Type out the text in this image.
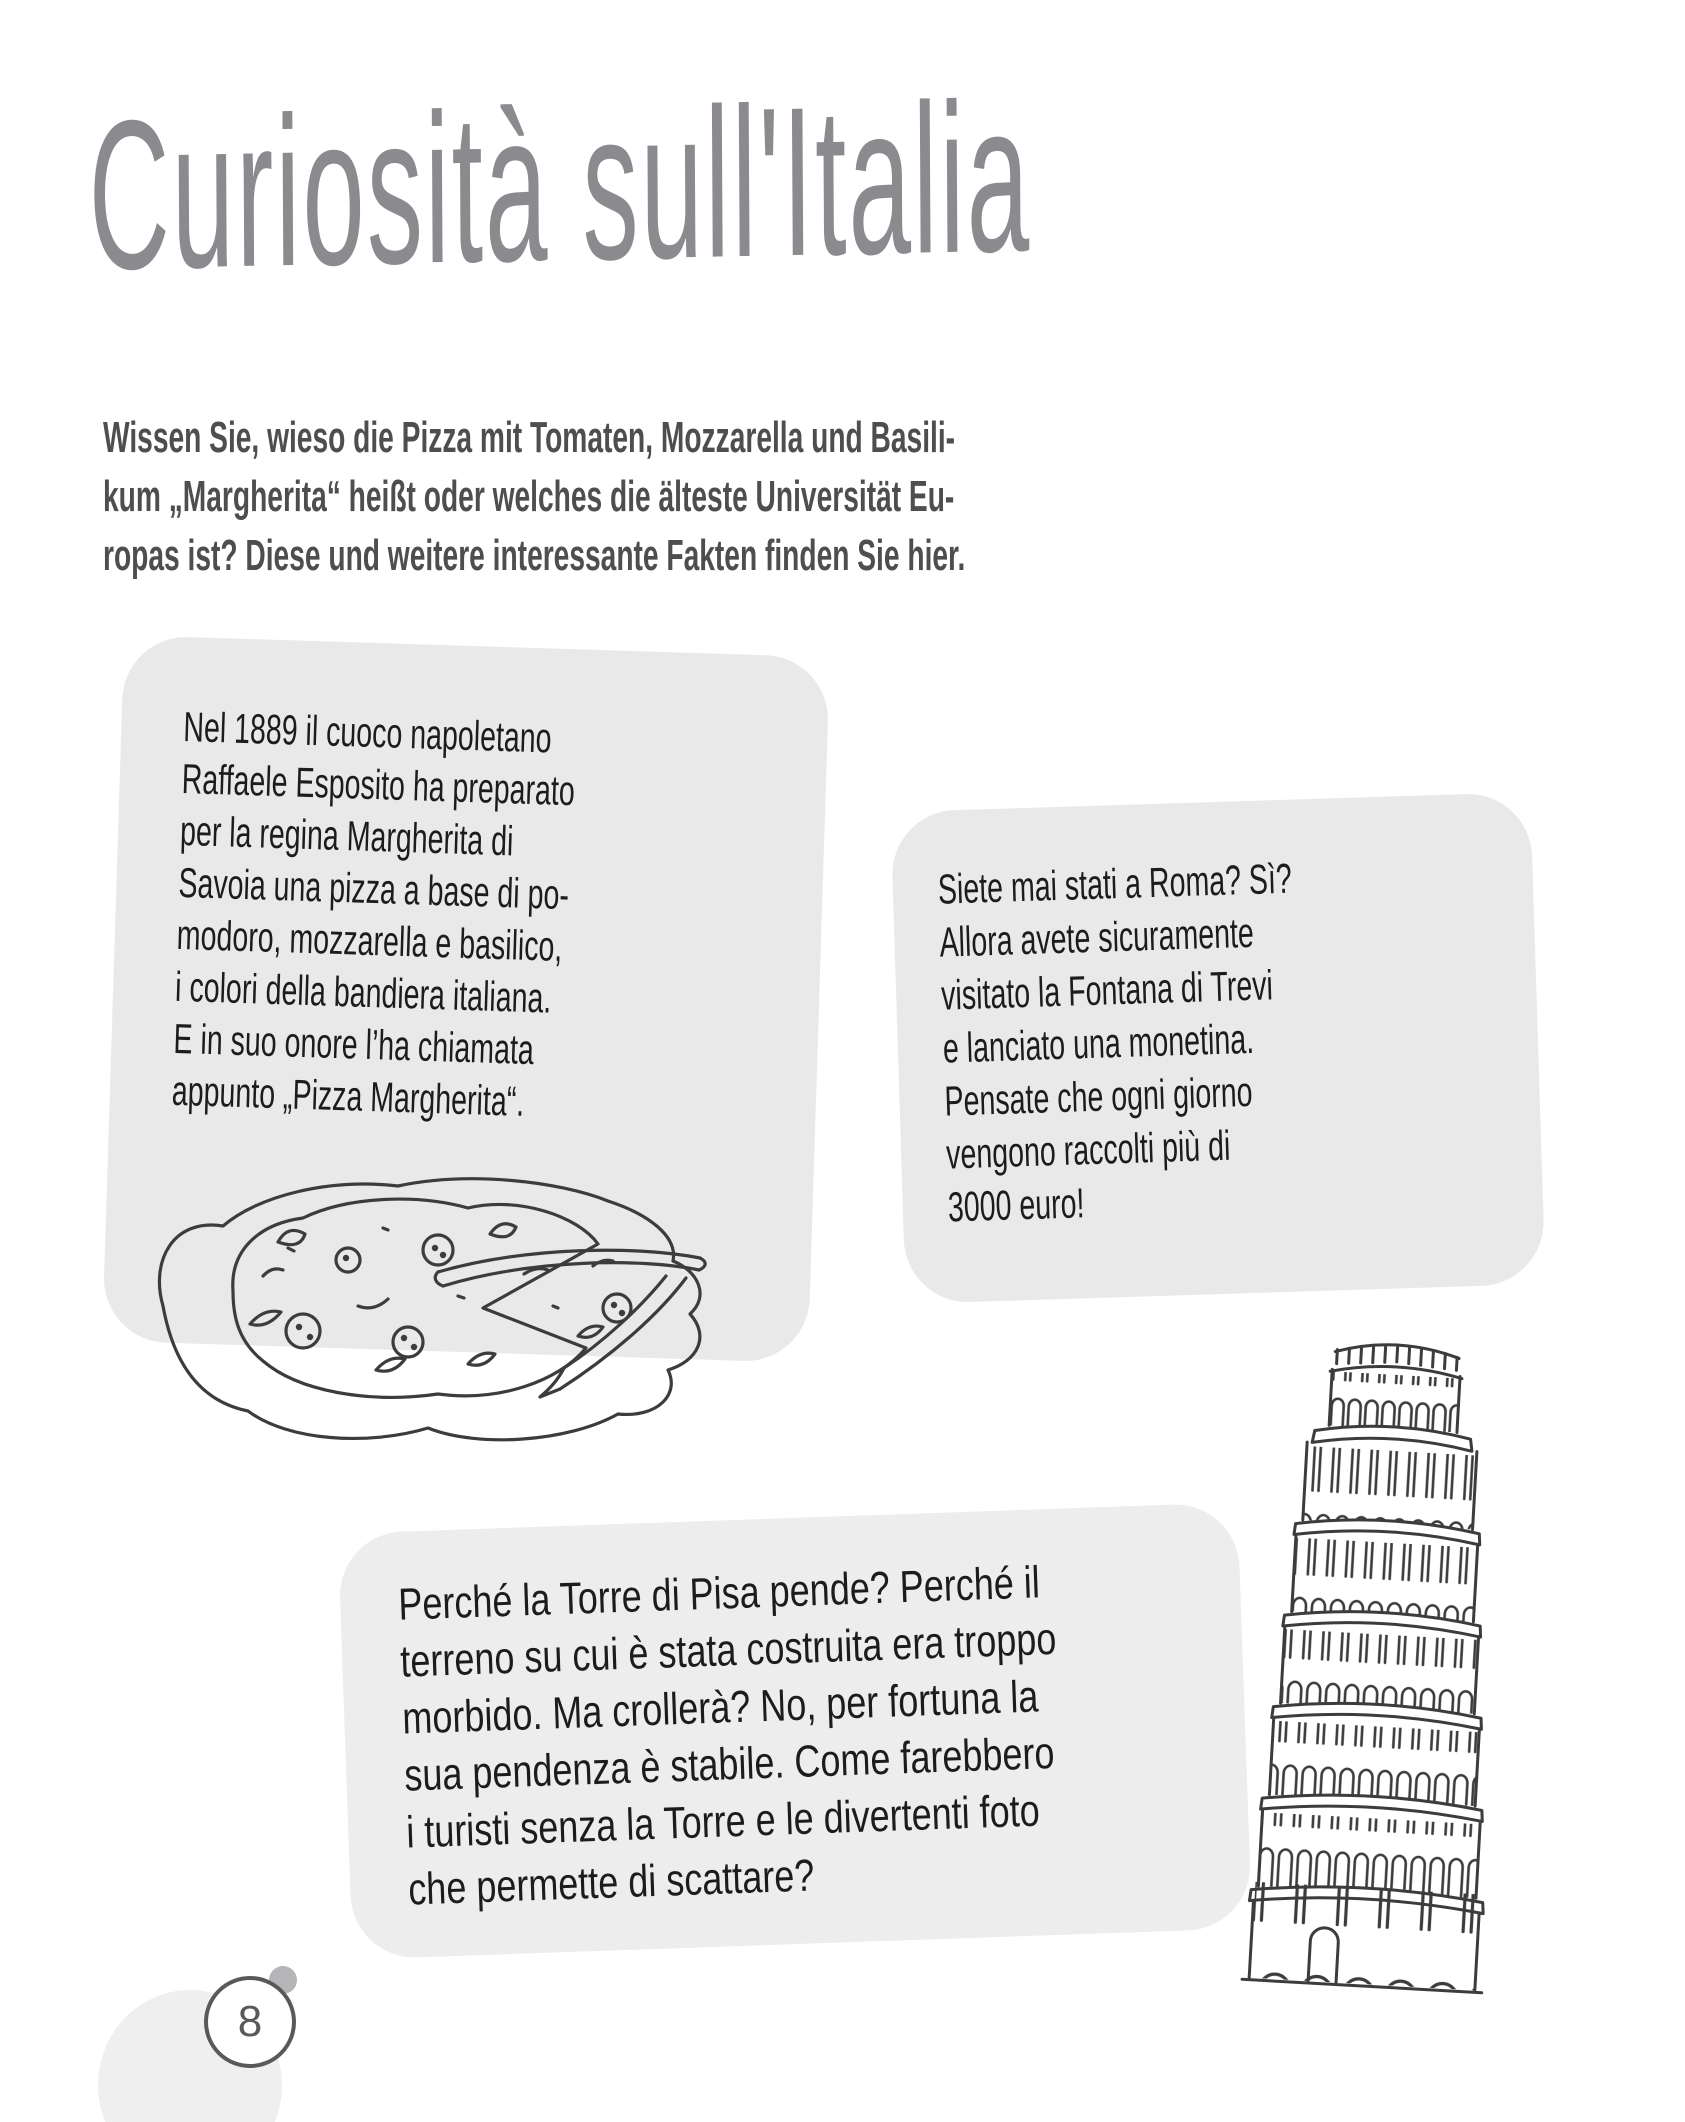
Curiosità sull'Italia
Wissen Sie, wieso die Pizza mit Tomaten, Mozzarella und Basili-
kum „Margherita“ heißt oder welches die älteste Universität Eu-
ropas ist? Diese und weitere interessante Fakten finden Sie hier.
Nel 1889 il cuoco napoletano
Raffaele Esposito ha preparato
per la regina Margherita di
Savoia una pizza a base di po-
modoro, mozzarella e basilico,
i colori della bandiera italiana.
E in suo onore l’ha chiamata
appunto „Pizza Margherita“.
Siete mai stati a Roma? Sì?
Allora avete sicuramente
visitato la Fontana di Trevi
e lanciato una monetina.
Pensate che ogni giorno
vengono raccolti più di
3000 euro!
Perché la Torre di Pisa pende? Perché il
terreno su cui è stata costruita era troppo
morbido. Ma crollerà? No, per fortuna la
sua pendenza è stabile. Come farebbero
i turisti senza la Torre e le divertenti foto
che permette di scattare?
8
